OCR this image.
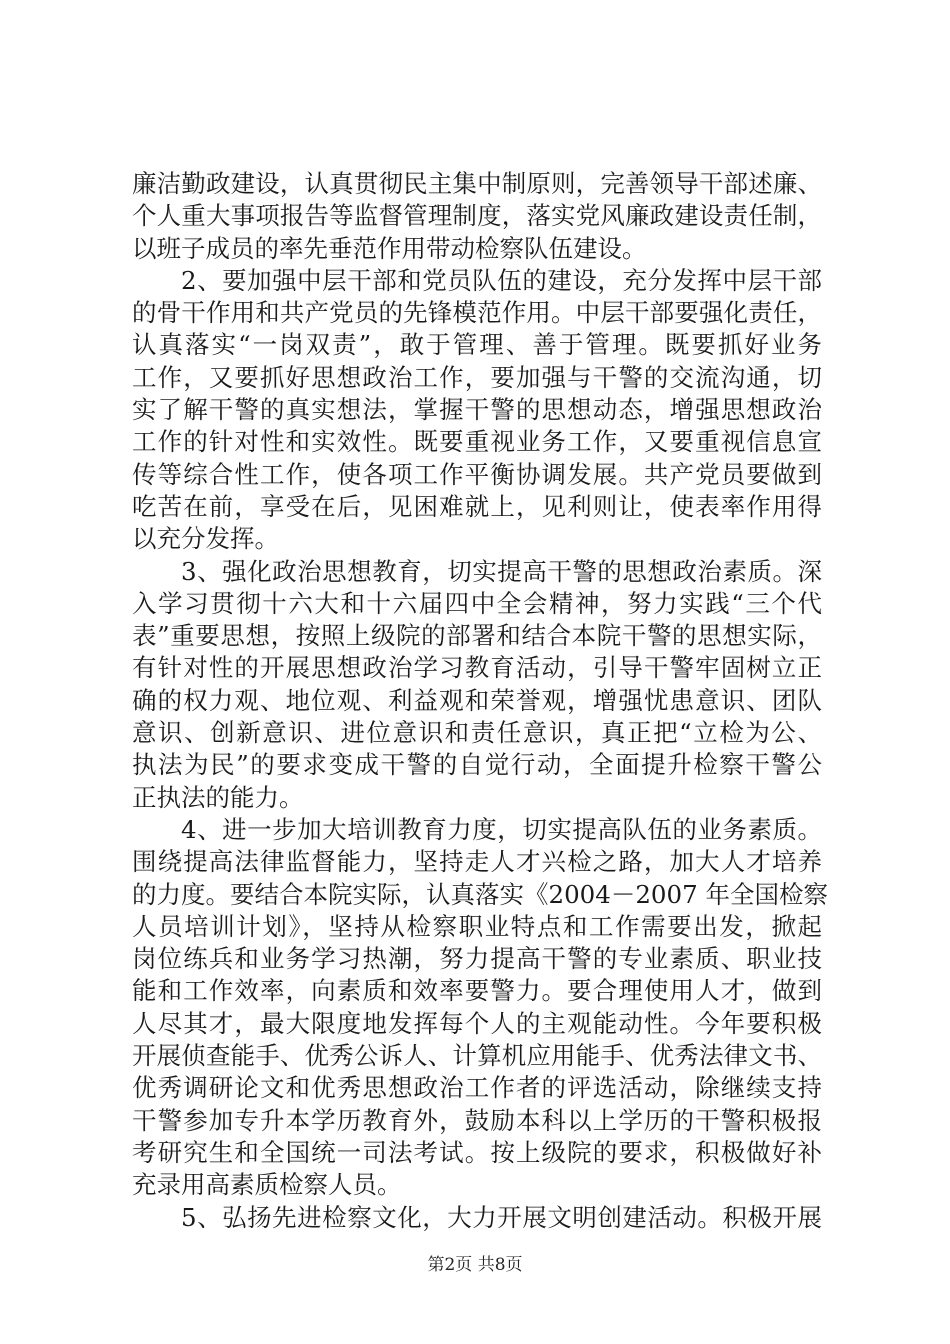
廉洁勤政建设，认真贯彻民主集中制原则，完善领导干部述廉、
个人重大事项报告等监督管理制度，落实党风廉政建设责任制，
以班子成员的率先垂范作用带动检察队伍建设。
2、要加强中层干部和党员队伍的建设，充分发挥中层干部
的骨干作用和共产党员的先锋模范作用。中层干部要强化责任，
认真落实“一岗双责”，敢于管理、善于管理。既要抓好业务
工作，又要抓好思想政治工作，要加强与干警的交流沟通，切
实了解干警的真实想法，掌握干警的思想动态，增强思想政治
工作的针对性和实效性。既要重视业务工作，又要重视信息宣
传等综合性工作，使各项工作平衡协调发展。共产党员要做到
吃苦在前，享受在后，见困难就上，见利则让，使表率作用得
以充分发挥。
3、强化政治思想教育，切实提高干警的思想政治素质。深
入学习贯彻十六大和十六届四中全会精神，努力实践“三个代
表”重要思想，按照上级院的部署和结合本院干警的思想实际，
有针对性的开展思想政治学习教育活动，引导干警牢固树立正
确的权力观、地位观、利益观和荣誉观，增强忧患意识、团队
意识、创新意识、进位意识和责任意识，真正把“立检为公、
执法为民”的要求变成干警的自觉行动，全面提升检察干警公
正执法的能力。
4、进一步加大培训教育力度，切实提高队伍的业务素质。
围绕提高法律监督能力，坚持走人才兴检之路，加大人才培养
的力度。要结合本院实际，认真落实《2004－2007 年全国检察
人员培训计划》，坚持从检察职业特点和工作需要出发，掀起
岗位练兵和业务学习热潮，努力提高干警的专业素质、职业技
能和工作效率，向素质和效率要警力。要合理使用人才，做到
人尽其才，最大限度地发挥每个人的主观能动性。今年要积极
开展侦查能手、优秀公诉人、计算机应用能手、优秀法律文书、
优秀调研论文和优秀思想政治工作者的评选活动，除继续支持
干警参加专升本学历教育外，鼓励本科以上学历的干警积极报
考研究生和全国统一司法考试。按上级院的要求，积极做好补
充录用高素质检察人员。
5、弘扬先进检察文化，大力开展文明创建活动。积极开展
第2页 共8页
